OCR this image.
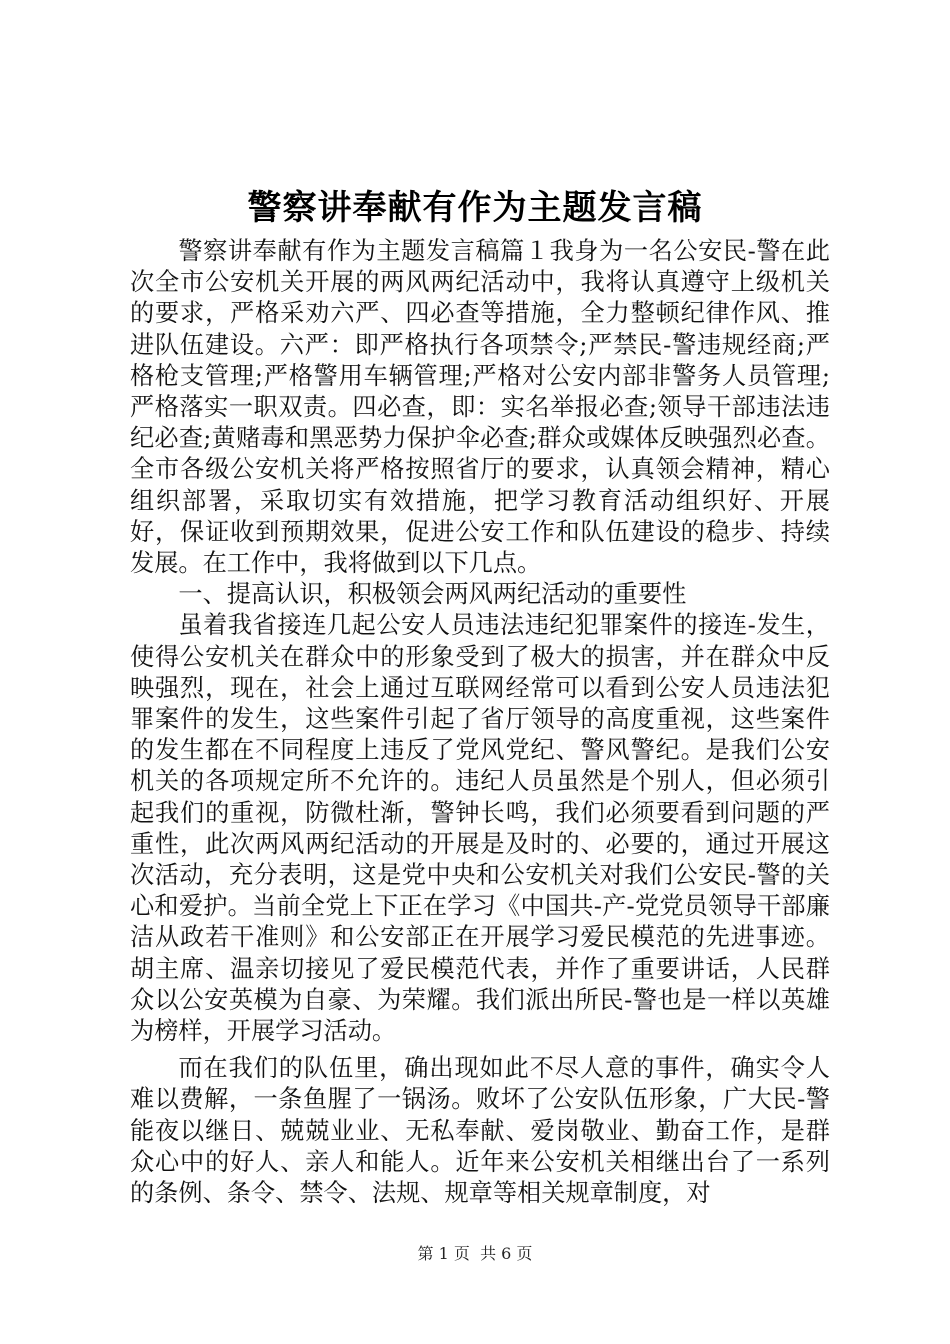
警察讲奉献有作为主题发言稿

警察讲奉献有作为主题发言稿篇１我身为一名公安民-警在此次全市公安机关开展的两风两纪活动中，我将认真遵守上级机关的要求，严格采劝六严、四必查等措施，全力整顿纪律作风、推进队伍建设。六严：即严格执行各项禁令;严禁民-警违规经商;严格枪支管理;严格警用车辆管理;严格对公安内部非警务人员管理;严格落实一职双责。四必查，即：实名举报必查;领导干部违法违纪必查;黄赌毒和黑恶势力保护伞必查;群众或媒体反映强烈必查。全市各级公安机关将严格按照省厅的要求，认真领会精神，精心组织部署，采取切实有效措施，把学习教育活动组织好、开展好，保证收到预期效果，促进公安工作和队伍建设的稳步、持续发展。在工作中，我将做到以下几点。

一、提高认识，积极领会两风两纪活动的重要性

虽着我省接连几起公安人员违法违纪犯罪案件的接连-发生，使得公安机关在群众中的形象受到了极大的损害，并在群众中反映强烈，现在，社会上通过互联网经常可以看到公安人员违法犯罪案件的发生，这些案件引起了省厅领导的高度重视，这些案件的发生都在不同程度上违反了党风党纪、警风警纪。是我们公安机关的各项规定所不允许的。违纪人员虽然是个别人，但必须引起我们的重视，防微杜渐，警钟长鸣，我们必须要看到问题的严重性，此次两风两纪活动的开展是及时的、必要的，通过开展这次活动，充分表明，这是党中央和公安机关对我们公安民-警的关心和爱护。当前全党上下正在学习《中国共-产-党党员领导干部廉洁从政若干准则》和公安部正在开展学习爱民模范的先进事迹。胡主席、温亲切接见了爱民模范代表，并作了重要讲话，人民群众以公安英模为自豪、为荣耀。我们派出所民-警也是一样以英雄为榜样，开展学习活动。

而在我们的队伍里，确出现如此不尽人意的事件，确实令人难以费解，一条鱼腥了一锅汤。败坏了公安队伍形象，广大民-警能夜以继日、兢兢业业、无私奉献、爱岗敬业、勤奋工作，是群众心中的好人、亲人和能人。近年来公安机关相继出台了一系列的条例、条令、禁令、法规、规章等相关规章制度，对

第 1 页  共 6 页
